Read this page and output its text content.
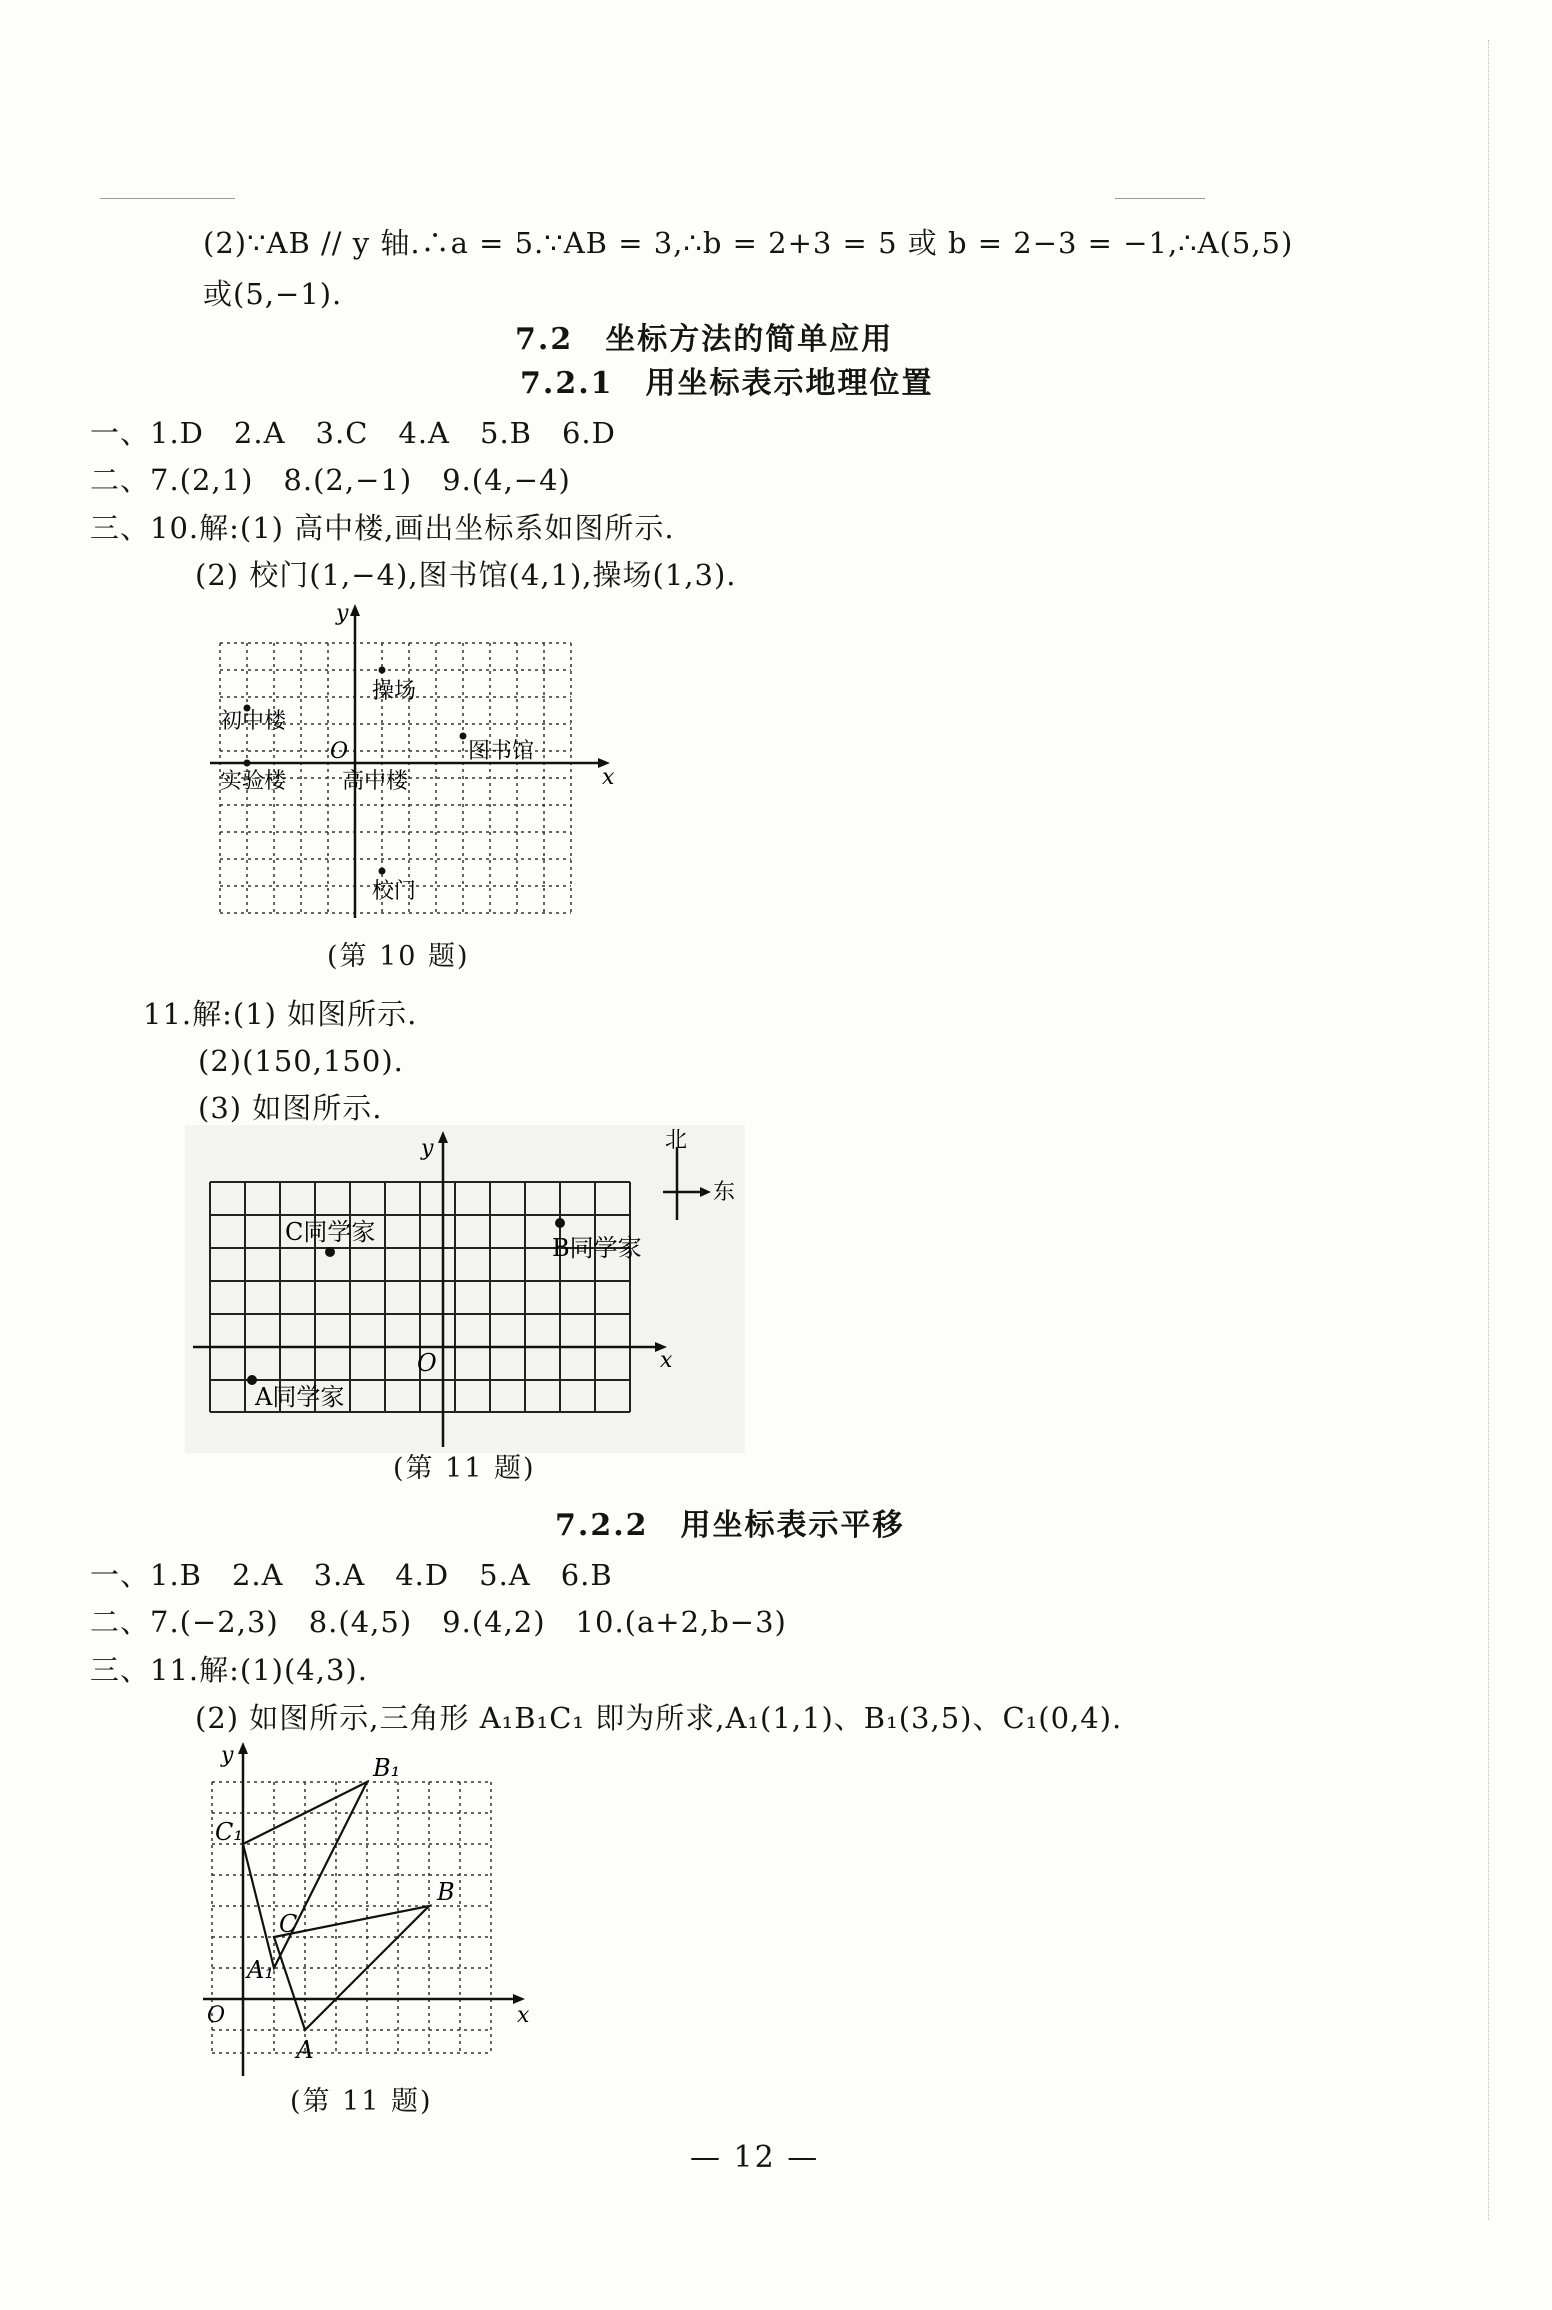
(2)∵AB // y 轴.∴a = 5.∵AB = 3,∴b = 2+3 = 5 或 b = 2−3 = −1,∴A(5,5)
或(5,−1).
7.2　坐标方法的简单应用
7.2.1　用坐标表示地理位置
一、1.D　2.A　3.C　4.A　5.B　6.D
二、7.(2,1)　8.(2,−1)　9.(4,−4)
三、10.解:(1) 高中楼,画出坐标系如图所示.
(2) 校门(1,−4),图书馆(4,1),操场(1,3).
x
y
O
操场
初中楼
图书馆
实验楼	高中楼
校门
(第 10 题)
11.解:(1) 如图所示.
(2)(150,150).
(3) 如图所示.
x
y
O
北
东
C同学家
B同学家
A同学家
(第 11 题)
7.2.2　用坐标表示平移
一、1.B　2.A　3.A　4.D　5.A　6.B
二、7.(−2,3)　8.(4,5)　9.(4,2)　10.(a+2,b−3)
三、11.解:(1)(4,3).
(2) 如图所示,三角形 A₁B₁C₁ 即为所求,A₁(1,1)、B₁(3,5)、C₁(0,4).
x
y
O
A
B
C
A₁
B₁
C₁
(第 11 题)
— 12 —
